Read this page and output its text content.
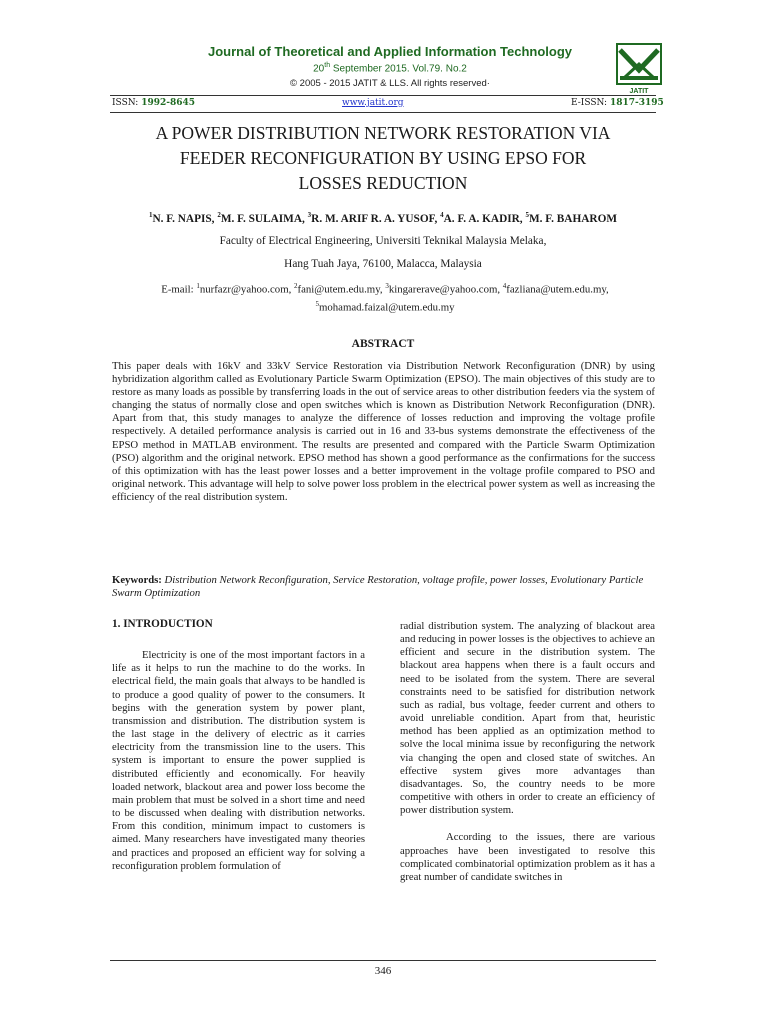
Journal of Theoretical and Applied Information Technology
20th September 2015. Vol.79. No.2
© 2005 - 2015 JATIT & LLS. All rights reserved·
JATIT
ISSN: 1992-8645	www.jatit.org	E-ISSN: 1817-3195
A POWER DISTRIBUTION NETWORK RESTORATION VIA
FEEDER RECONFIGURATION BY USING EPSO FOR
LOSSES REDUCTION
$^1$N. F. NAPIS, $^2$M. F. SULAIMA, $^3$R. M. ARIF R. A. YUSOF, $^4$A. F. A. KADIR, $^5$M. F. BAHAROM
Faculty of Electrical Engineering, Universiti Teknikal Malaysia Melaka,
Hang Tuah Jaya, 76100, Malacca, Malaysia
E-mail: $^1$nurfazr@yahoo.com, $^2$fani@utem.edu.my, $^3$kingarerave@yahoo.com, $^4$fazliana@utem.edu.my,
$^5$mohamad.faizal@utem.edu.my
ABSTRACT
This paper deals with 16kV and 33kV Service Restoration via Distribution Network Reconfiguration (DNR) by using hybridization algorithm called as Evolutionary Particle Swarm Optimization (EPSO). The main objectives of this study are to restore as many loads as possible by transferring loads in the out of service areas to other distribution feeders via the system of changing the status of normally close and open switches which is known as Distribution Network Reconfiguration (DNR). Apart from that, this study manages to analyze the difference of losses reduction and improving the voltage profile respectively. A detailed performance analysis is carried out in 16 and 33-bus systems demonstrate the effectiveness of the EPSO method in MATLAB environment. The results are presented and compared with the Particle Swarm Optimization (PSO) algorithm and the original network. EPSO method has shown a good performance as the confirmations for the success of this optimization with has the least power losses and a better improvement in the voltage profile compared to PSO and original network. This advantage will help to solve power loss problem in the electrical power system as well as increasing the efficiency of the real distribution system.
Keywords: Distribution Network Reconfiguration, Service Restoration, voltage profile, power losses, Evolutionary Particle Swarm Optimization
1. INTRODUCTION

Electricity is one of the most important factors in a life as it helps to run the machine to do the works. In electrical field, the main goals that always to be handled is to produce a good quality of power to the consumers. It begins with the generation system by power plant, transmission and distribution. The distribution system is the last stage in the delivery of electric as it carries electricity from the transmission line to the users. This system is important to ensure the power supplied is distributed efficiently and economically. For heavily loaded network, blackout area and power loss become the main problem that must be solved in a short time and need to be discussed when dealing with distribution networks. From this condition, minimum impact to customers is aimed. Many researchers have investigated many theories and practices and proposed an efficient way for solving a reconfiguration problem formulation of

radial distribution system. The analyzing of blackout area and reducing in power losses is the objectives to achieve an efficient and secure in the distribution system. The blackout area happens when there is a fault occurs and need to be isolated from the system. There are several constraints need to be satisfied for distribution network such as radial, bus voltage, feeder current and others to avoid unreliable condition. Apart from that, heuristic method has been applied as an optimization method to solve the local minima issue by reconfiguring the network via changing the open and closed state of switches. An effective system gives more advantages than disadvantages. So, the country needs to be more competitive with others in order to create an efficiency of power distribution system.

According to the issues, there are various approaches have been investigated to resolve this complicated combinatorial optimization problem as it has a great number of candidate switches in

346
